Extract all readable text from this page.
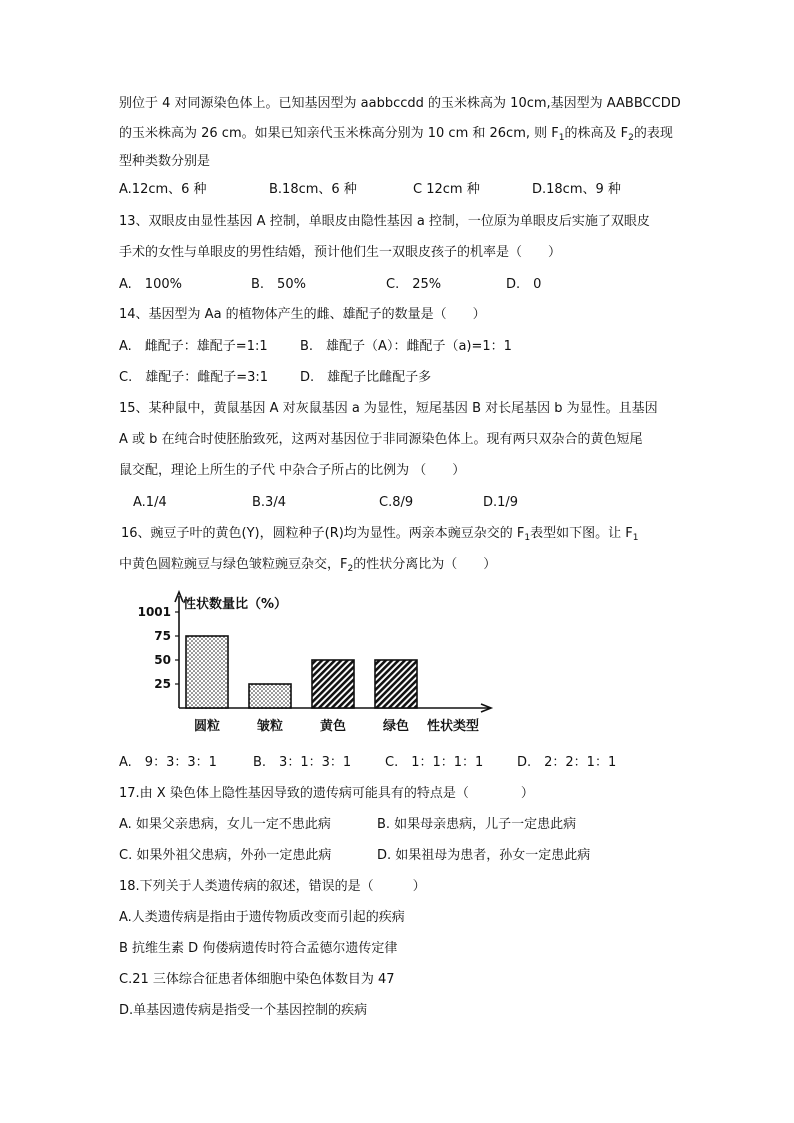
别位于 4 对同源染色体上。已知基因型为 aabbccdd 的玉米株高为 10cm,基因型为 AABBCCDD
的玉米株高为 26 cm。如果已知亲代玉米株高分别为 10 cm 和 26cm, 则 $F_1$的株高及 $F_2$的表现
型种类数分别是
A.12cm、6 种	B.18cm、6 种	C 12cm 种	D.18cm、9 种
13、双眼皮由显性基因 A 控制，单眼皮由隐性基因 a 控制，一位原为单眼皮后实施了双眼皮
手术的女性与单眼皮的男性结婚，预计他们生一双眼皮孩子的机率是（　　）
A.　100%	B.　50%	C.　25%	D.　0
14、基因型为 Aa 的植物体产生的雌、雄配子的数量是（　　）
A.　雌配子：雄配子=1:1 B.　雄配子（A）：雌配子（a)=1：1
C.　雄配子：雌配子=3:1 D.　雄配子比雌配子多
15、某种鼠中，黄鼠基因 A 对灰鼠基因 a 为显性，短尾基因 B 对长尾基因 b 为显性。且基因
A 或 b 在纯合时使胚胎致死，这两对基因位于非同源染色体上。现有两只双杂合的黄色短尾
鼠交配，理论上所生的子代 中杂合子所占的比例为 （　　）
A.1/4	B.3/4	C.8/9	D.1/9
16、豌豆子叶的黄色(Y)，圆粒种子(R)均为显性。两亲本豌豆杂交的 $F_1$表型如下图。让 $F_1$
中黄色圆粒豌豆与绿色皱粒豌豆杂交，$F_2$的性状分离比为（　　）
性状数量比（%）
1001
75
50
25
圆粒	皱粒	黄色	绿色 性状类型
A.　9：3：3：1	B.　3：1：3：1	C.　1：1：1：1	D.　2：2：1：1
17.由 X 染色体上隐性基因导致的遗传病可能具有的特点是（　　　　）
A. 如果父亲患病，女儿一定不患此病	B. 如果母亲患病，儿子一定患此病
C. 如果外祖父患病，外孙一定患此病	D. 如果祖母为患者，孙女一定患此病
18.下列关于人类遗传病的叙述，错误的是（　　　）
A.人类遗传病是指由于遗传物质改变而引起的疾病
B 抗维生素 D 佝偻病遗传时符合孟德尔遗传定律
C.21 三体综合征患者体细胞中染色体数目为 47
D.单基因遗传病是指受一个基因控制的疾病
